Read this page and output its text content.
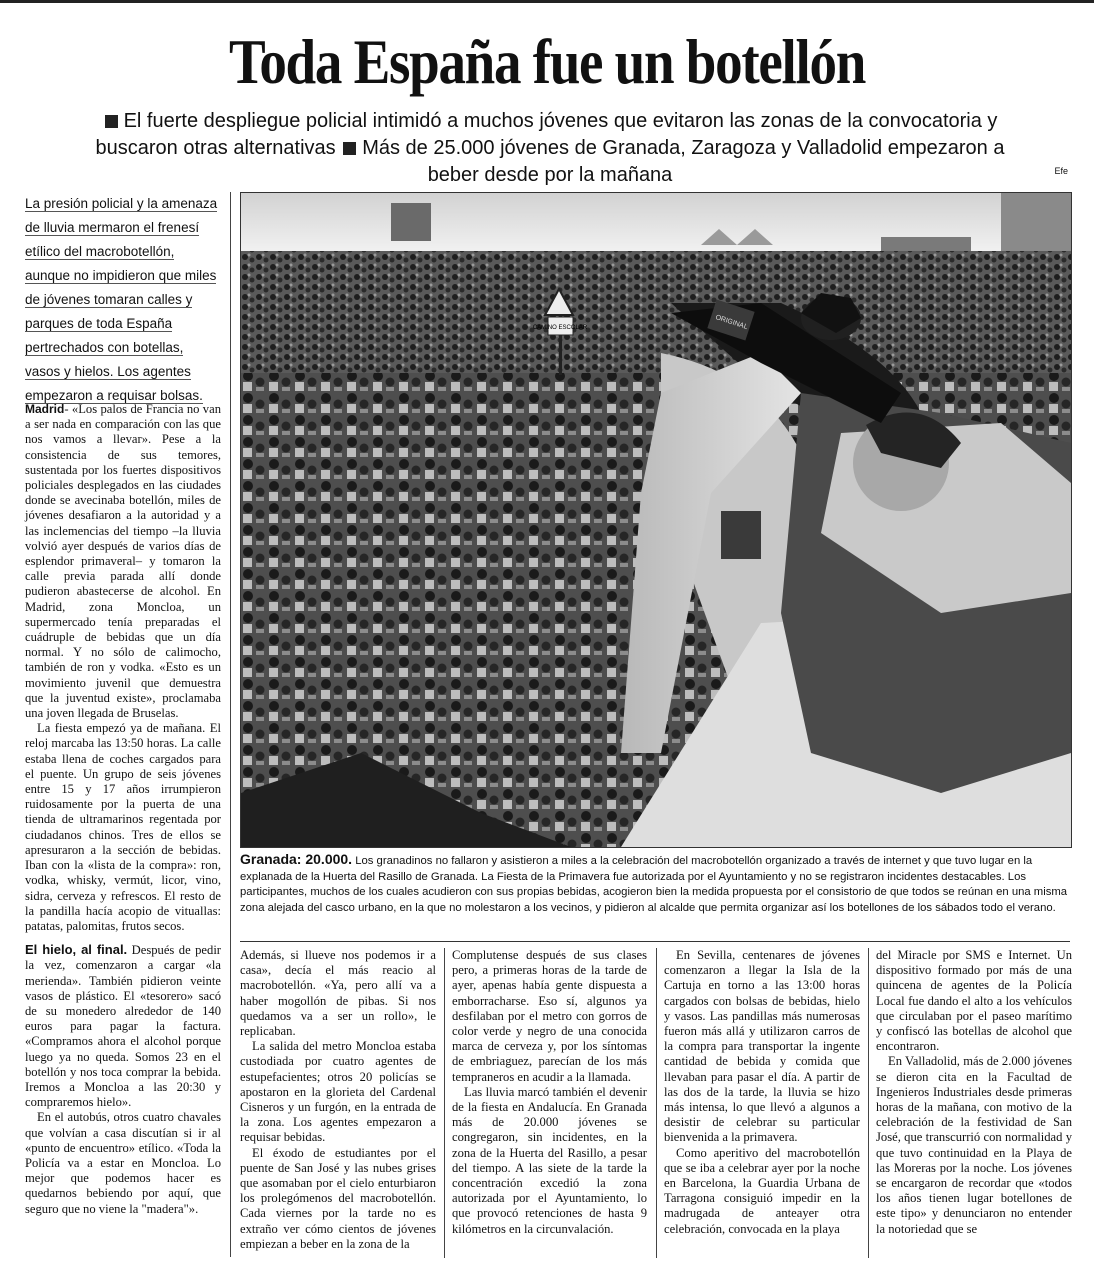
Toda España fue un botellón
El fuerte despliegue policial intimidó a muchos jóvenes que evitaron las zonas de la convocatoria y buscaron otras alternativas Más de 25.000 jóvenes de Granada, Zaragoza y Valladolid empezaron a beber desde por la mañana	Efe
La presión policial y la amenaza de lluvia mermaron el frenesí etílico del macrobotellón, aunque no impidieron que miles de jóvenes tomaran calles y parques de toda España pertrechados con botellas, vasos y hielos. Los agentes empezaron a requisar bolsas.

Madrid- «Los palos de Francia no van a ser nada en comparación con las que nos vamos a llevar». Pese a la consistencia de sus temores, sustentada por los fuertes dispositivos policiales desplegados en las ciudades donde se avecinaba botellón, miles de jóvenes desafiaron a la autoridad y a las inclemencias del tiempo –la lluvia volvió ayer después de varios días de esplendor primaveral– y tomaron la calle previa parada allí donde pudieron abastecerse de alcohol. En Madrid, zona Moncloa, un supermercado tenía preparadas el cuádruple de bebidas que un día normal. Y no sólo de calimocho, también de ron y vodka. «Esto es un movimiento juvenil que demuestra que la juventud existe», proclamaba una joven llegada de Bruselas.

La fiesta empezó ya de mañana. El reloj marcaba las 13:50 horas. La calle estaba llena de coches cargados para el puente. Un grupo de seis jóvenes entre 15 y 17 años irrumpieron ruidosamente por la puerta de una tienda de ultramarinos regentada por ciudadanos chinos. Tres de ellos se apresuraron a la sección de bebidas. Iban con la «lista de la compra»: ron, vodka, whisky, vermút, licor, vino, sidra, cerveza y refrescos. El resto de la pandilla hacía acopio de vituallas: patatas, palomitas, frutos secos.

El hielo, al final. Después de pedir la vez, comenzaron a cargar «la merienda». También pidieron veinte vasos de plástico. El «tesorero» sacó de su monedero alrededor de 140 euros para pagar la factura. «Compramos ahora el alcohol porque luego ya no queda. Somos 23 en el botellón y nos toca comprar la bebida. Iremos a Moncloa a las 20:30 y compraremos hielo».

En el autobús, otros cuatro chavales que volvían a casa discutían si ir al «punto de encuentro» etílico. «Toda la Policía va a estar en Moncloa. Lo mejor que podemos hacer es quedarnos bebiendo por aquí, que seguro que no viene la "madera"».

CAMINO ESCOLAR	ORIGINAL
Granada: 20.000. Los granadinos no fallaron y asistieron a miles a la celebración del macrobotellón organizado a través de internet y que tuvo lugar en la explanada de la Huerta del Rasillo de Granada. La Fiesta de la Primavera fue autorizada por el Ayuntamiento y no se registraron incidentes destacables. Los participantes, muchos de los cuales acudieron con sus propias bebidas, acogieron bien la medida propuesta por el consistorio de que todos se reúnan en una misma zona alejada del casco urbano, en la que no molestaron a los vecinos, y pidieron al alcalde que permita organizar así los botellones de los sábados todo el verano.

Además, si llueve nos podemos ir a casa», decía el más reacio al macrobotellón. «Ya, pero allí va a haber mogollón de pibas. Si nos quedamos va a ser un rollo», le replicaban.

La salida del metro Moncloa estaba custodiada por cuatro agentes de estupefacientes; otros 20 policías se apostaron en la glorieta del Cardenal Cisneros y un furgón, en la entrada de la zona. Los agentes empezaron a requisar bebidas.

El éxodo de estudiantes por el puente de San José y las nubes grises que asomaban por el cielo enturbiaron los prolegómenos del macrobotellón. Cada viernes por la tarde no es extraño ver cómo cientos de jóvenes empiezan a beber en la zona de la

Complutense después de sus clases pero, a primeras horas de la tarde de ayer, apenas había gente dispuesta a emborracharse. Eso sí, algunos ya desfilaban por el metro con gorros de color verde y negro de una conocida marca de cerveza y, por los síntomas de embriaguez, parecían de los más tempraneros en acudir a la llamada.

Las lluvia marcó también el devenir de la fiesta en Andalucía. En Granada más de 20.000 jóvenes se congregaron, sin incidentes, en la zona de la Huerta del Rasillo, a pesar del tiempo. A las siete de la tarde la concentración excedió la zona autorizada por el Ayuntamiento, lo que provocó retenciones de hasta 9 kilómetros en la circunvalación.

En Sevilla, centenares de jóvenes comenzaron a llegar la Isla de la Cartuja en torno a las 13:00 horas cargados con bolsas de bebidas, hielo y vasos. Las pandillas más numerosas fueron más allá y utilizaron carros de la compra para transportar la ingente cantidad de bebida y comida que llevaban para pasar el día. A partir de las dos de la tarde, la lluvia se hizo más intensa, lo que llevó a algunos a desistir de celebrar su particular bienvenida a la primavera.

Como aperitivo del macrobotellón que se iba a celebrar ayer por la noche en Barcelona, la Guardia Urbana de Tarragona consiguió impedir en la madrugada de anteayer otra celebración, convocada en la playa

del Miracle por SMS e Internet. Un dispositivo formado por más de una quincena de agentes de la Policía Local fue dando el alto a los vehículos que circulaban por el paseo marítimo y confiscó las botellas de alcohol que encontraron.

En Valladolid, más de 2.000 jóvenes se dieron cita en la Facultad de Ingenieros Industriales desde primeras horas de la mañana, con motivo de la celebración de la festividad de San José, que transcurrió con normalidad y que tuvo continuidad en la Playa de las Moreras por la noche. Los jóvenes se encargaron de recordar que «todos los años tienen lugar botellones de este tipo» y denunciaron no entender la notoriedad que se
